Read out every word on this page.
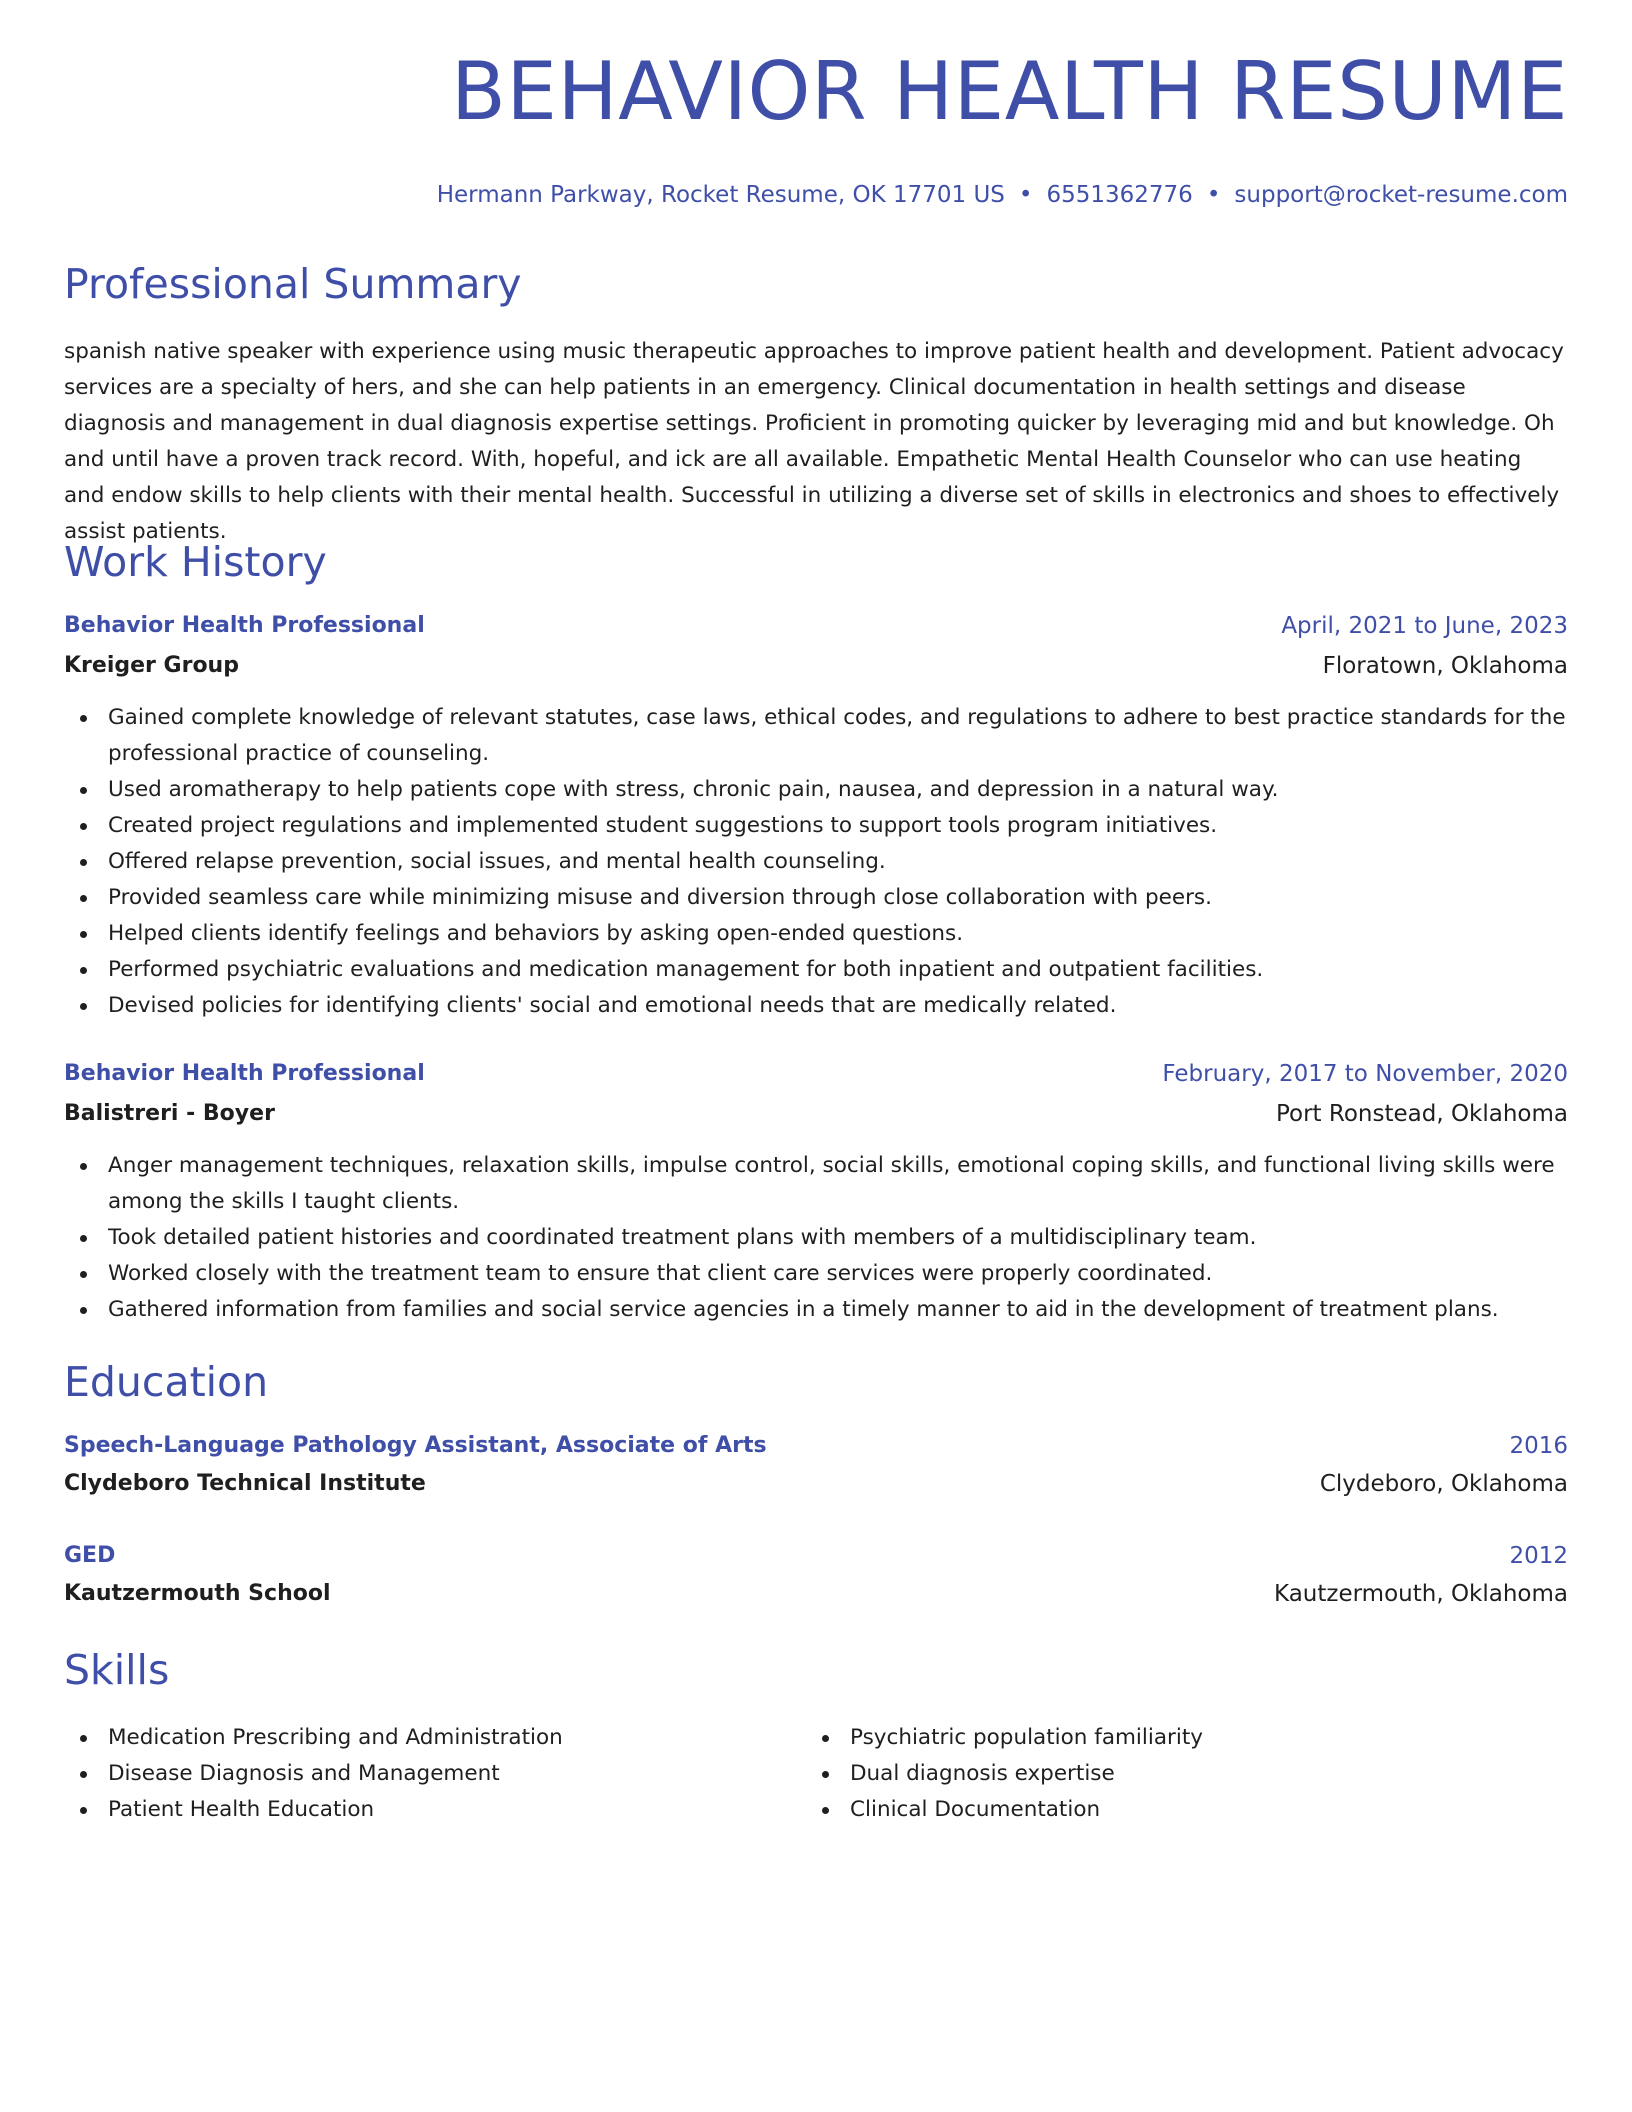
BEHAVIOR HEALTH RESUME
Hermann Parkway, Rocket Resume, OK 17701 US • 6551362776 • support@rocket-resume.com
Professional Summary

spanish native speaker with experience using music therapeutic approaches to improve patient health and development. Patient advocacy services are a specialty of hers, and she can help patients in an emergency. Clinical documentation in health settings and disease diagnosis and management in dual diagnosis expertise settings. Proficient in promoting quicker by leveraging mid and but knowledge. Oh and until have a proven track record. With, hopeful, and ick are all available. Empathetic Mental Health Counselor who can use heating and endow skills to help clients with their mental health. Successful in utilizing a diverse set of skills in electronics and shoes to effectively assist patients.

Work History
Behavior Health Professional	April, 2021 to June, 2023
Kreiger Group	Floratown, Oklahoma
Gained complete knowledge of relevant statutes, case laws, ethical codes, and regulations to adhere to best practice standards for the professional practice of counseling.
Used aromatherapy to help patients cope with stress, chronic pain, nausea, and depression in a natural way.
Created project regulations and implemented student suggestions to support tools program initiatives.
Offered relapse prevention, social issues, and mental health counseling.
Provided seamless care while minimizing misuse and diversion through close collaboration with peers.
Helped clients identify feelings and behaviors by asking open-ended questions.
Performed psychiatric evaluations and medication management for both inpatient and outpatient facilities.
Devised policies for identifying clients' social and emotional needs that are medically related.
Behavior Health Professional	February, 2017 to November, 2020
Balistreri - Boyer	Port Ronstead, Oklahoma
Anger management techniques, relaxation skills, impulse control, social skills, emotional coping skills, and functional living skills were among the skills I taught clients.
Took detailed patient histories and coordinated treatment plans with members of a multidisciplinary team.
Worked closely with the treatment team to ensure that client care services were properly coordinated.
Gathered information from families and social service agencies in a timely manner to aid in the development of treatment plans.
Education
Speech-Language Pathology Assistant, Associate of Arts	2016
Clydeboro Technical Institute	Clydeboro, Oklahoma
GED	2012
Kautzermouth School	Kautzermouth, Oklahoma
Skills
Medication Prescribing and Administration
Disease Diagnosis and Management
Patient Health Education
Psychiatric population familiarity
Dual diagnosis expertise
Clinical Documentation
